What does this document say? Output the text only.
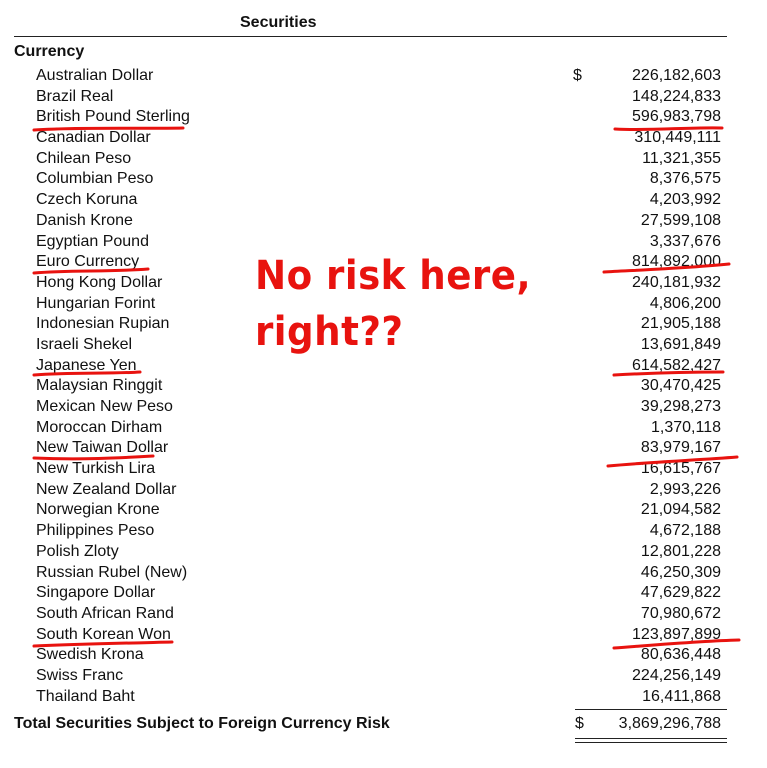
Securities
Currency
Australian Dollar	$	226,182,603
Brazil Real	148,224,833
British Pound Sterling	596,983,798
Canadian Dollar	310,449,111
Chilean Peso	11,321,355
Columbian Peso	8,376,575
Czech Koruna	4,203,992
Danish Krone	27,599,108
Egyptian Pound	3,337,676
Euro Currency	814,892,000
Hong Kong Dollar	240,181,932
Hungarian Forint	4,806,200
Indonesian Rupian	21,905,188
Israeli Shekel	13,691,849
Japanese Yen	614,582,427
Malaysian Ringgit	30,470,425
Mexican New Peso	39,298,273
Moroccan Dirham	1,370,118
New Taiwan Dollar	83,979,167
New Turkish Lira	16,615,767
New Zealand Dollar	2,993,226
Norwegian Krone	21,094,582
Philippines Peso	4,672,188
Polish Zloty	12,801,228
Russian Rubel (New)	46,250,309
Singapore Dollar	47,629,822
South African Rand	70,980,672
South Korean Won	123,897,899
Swedish Krona	80,636,448
Swiss Franc	224,256,149
Thailand Baht	16,411,868
Total Securities Subject to Foreign Currency Risk	$ 3,869,296,788
No risk here,
right??
